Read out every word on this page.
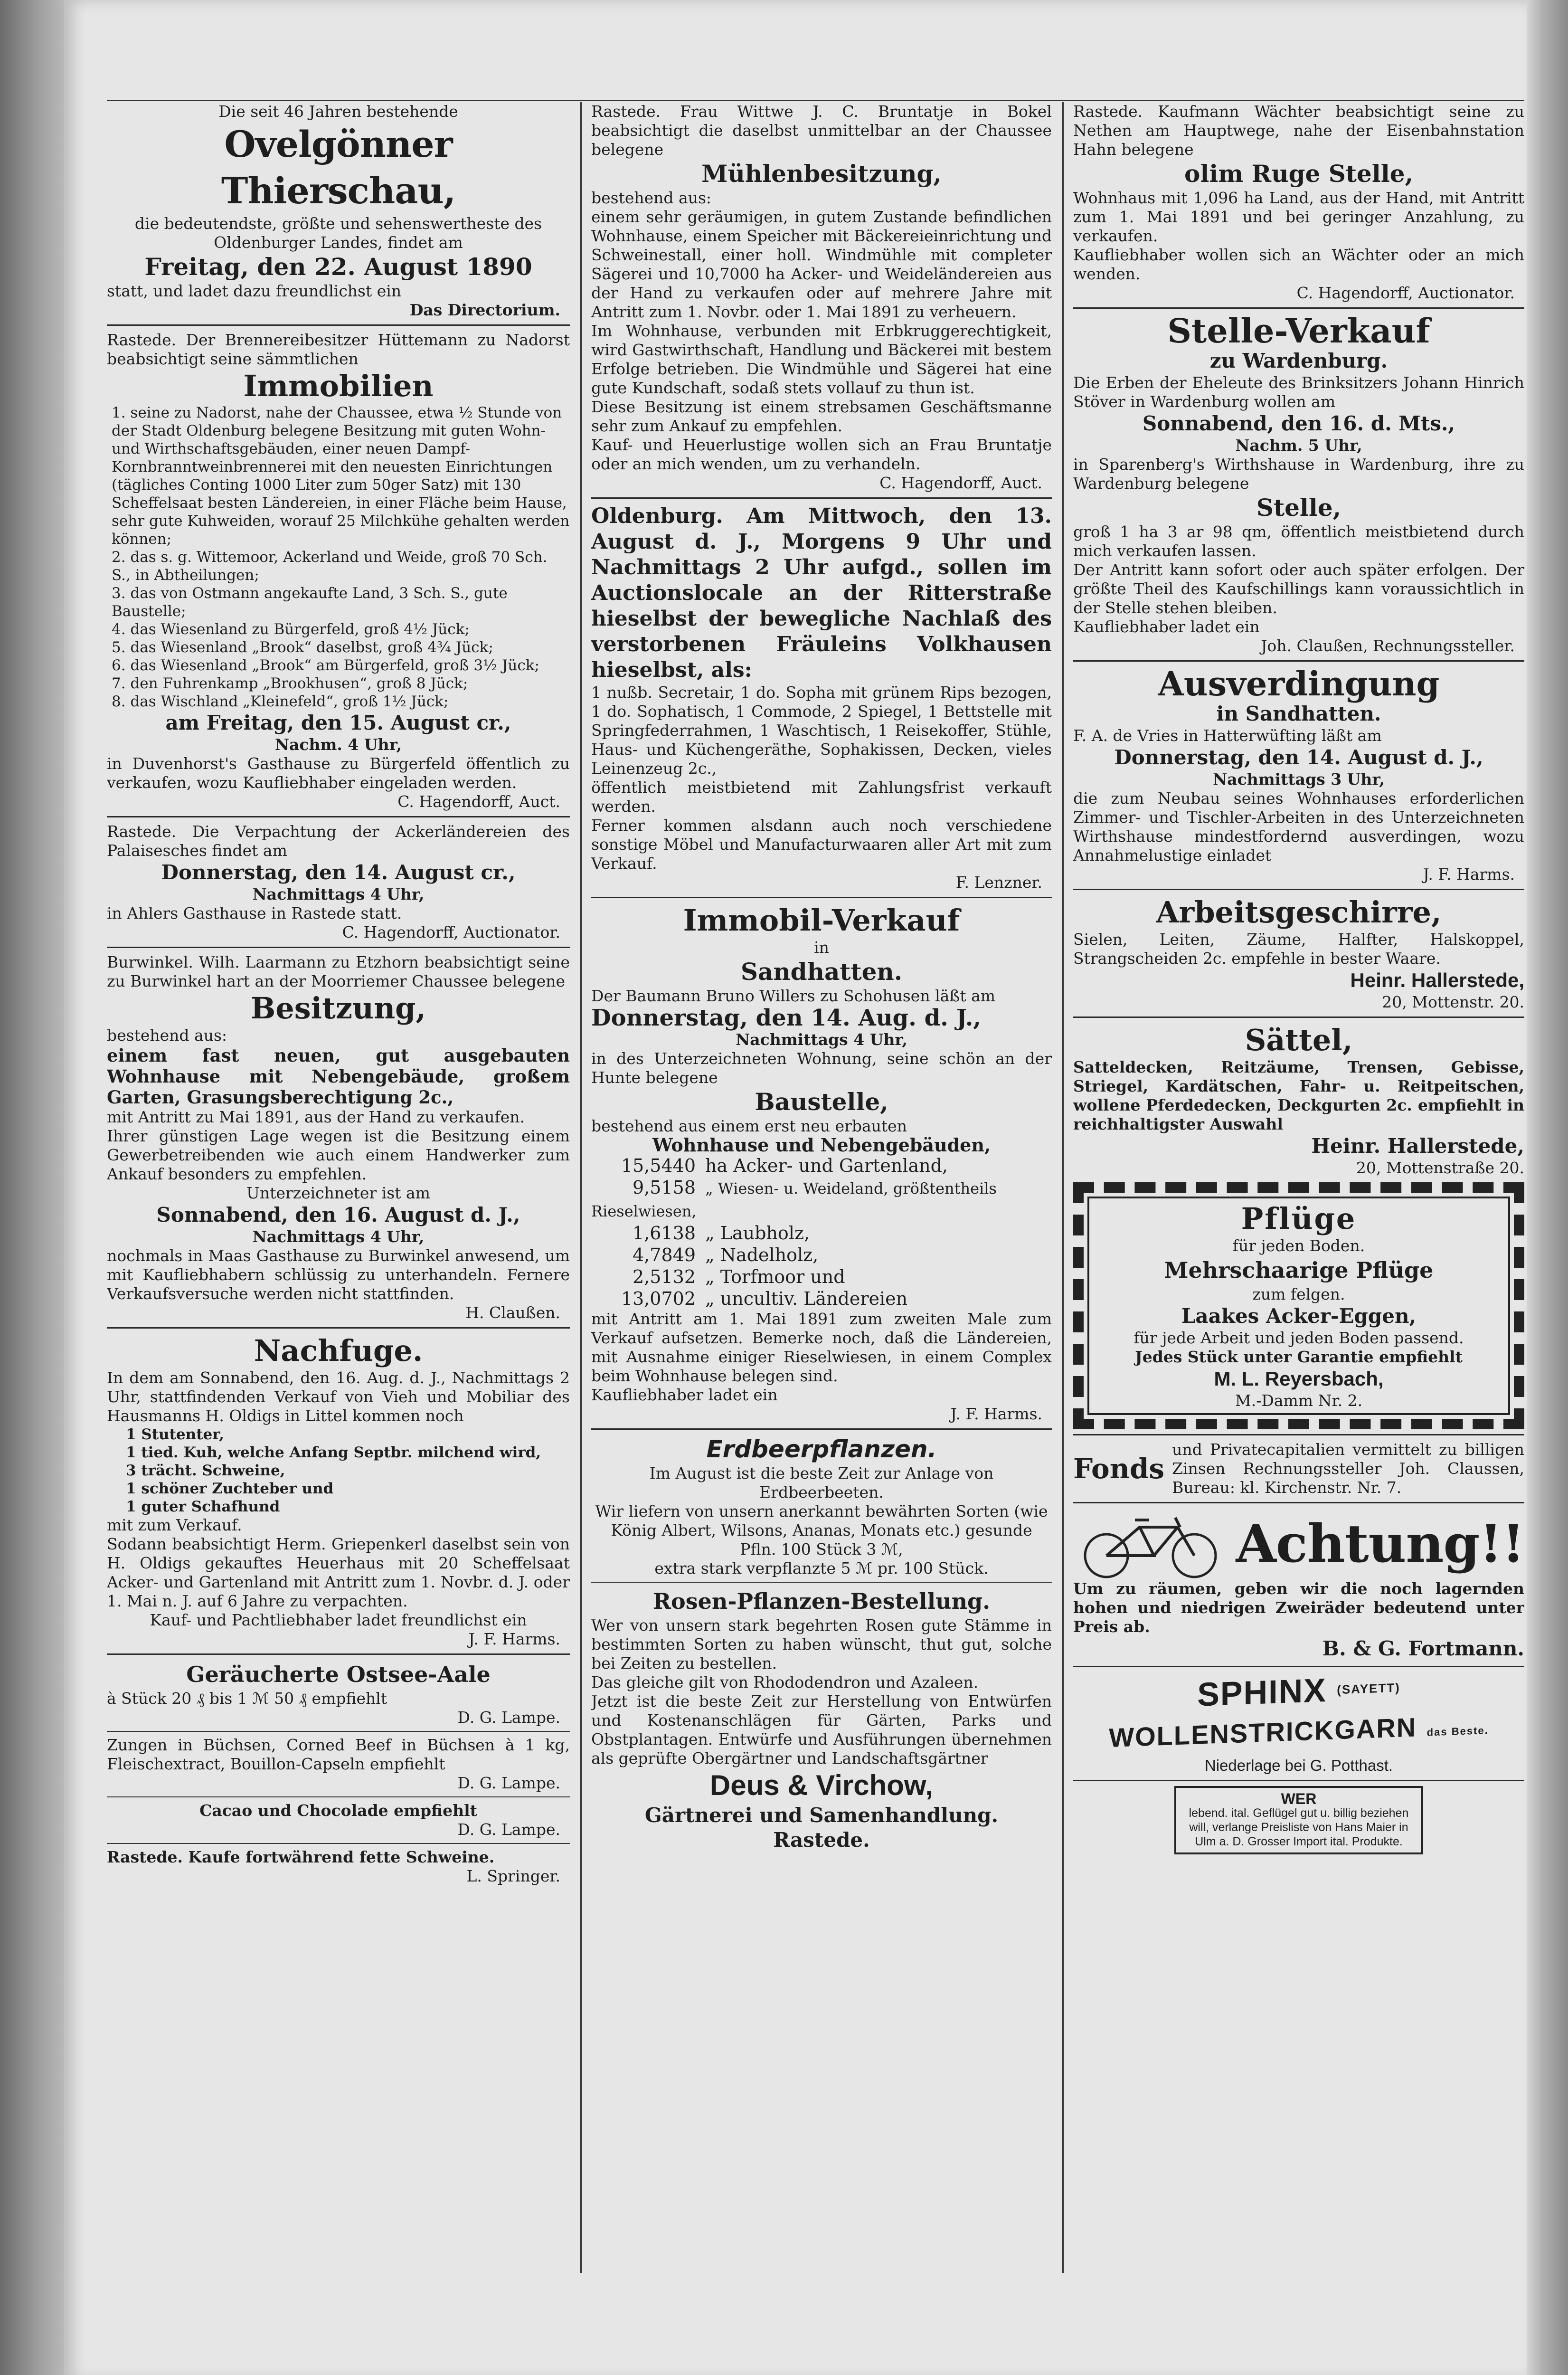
Die seit 46 Jahren bestehende

Ovelgönner Thierschau,

die bedeutendste, größte und sehenswertheste des Oldenburger Landes, findet am

Freitag, den 22. August 1890

statt, und ladet dazu freundlichst ein

Das Directorium.

Rastede. Der Brennereibesitzer Hüttemann zu Nadorst beabsichtigt seine sämmtlichen

Immobilien

1. seine zu Nadorst, nahe der Chaussee, etwa ½ Stunde von der Stadt Oldenburg belegene Besitzung mit guten Wohn- und Wirthschaftsgebäuden, einer neuen Dampf-Kornbranntweinbrennerei mit den neuesten Einrichtungen (tägliches Conting 1000 Liter zum 50ger Satz) mit 130 Scheffelsaat besten Ländereien, in einer Fläche beim Hause, sehr gute Kuhweiden, worauf 25 Milchkühe gehalten werden können;

2. das s. g. Wittemoor, Ackerland und Weide, groß 70 Sch. S., in Abtheilungen;

3. das von Ostmann angekaufte Land, 3 Sch. S., gute Baustelle;

4. das Wiesenland zu Bürgerfeld, groß 4½ Jück;

5. das Wiesenland „Brook“ daselbst, groß 4¾ Jück;

6. das Wiesenland „Brook“ am Bürgerfeld, groß 3½ Jück;

7. den Fuhrenkamp „Brookhusen“, groß 8 Jück;

8. das Wischland „Kleinefeld“, groß 1½ Jück;

am Freitag, den 15. August cr.,

Nachm. 4 Uhr,

in Duvenhorst's Gasthause zu Bürgerfeld öffentlich zu verkaufen, wozu Kaufliebhaber eingeladen werden.

C. Hagendorff, Auct.

Rastede. Die Verpachtung der Ackerländereien des Palaisesches findet am

Donnerstag, den 14. August cr.,

Nachmittags 4 Uhr,

in Ahlers Gasthause in Rastede statt.

C. Hagendorff, Auctionator.

Burwinkel. Wilh. Laarmann zu Etzhorn beabsichtigt seine zu Burwinkel hart an der Moorriemer Chaussee belegene

Besitzung,

bestehend aus:

einem fast neuen, gut ausgebauten Wohnhause mit Nebengebäude, großem Garten, Grasungsberechtigung 2c.,

mit Antritt zu Mai 1891, aus der Hand zu verkaufen.

Ihrer günstigen Lage wegen ist die Besitzung einem Gewerbetreibenden wie auch einem Handwerker zum Ankauf besonders zu empfehlen.

Unterzeichneter ist am

Sonnabend, den 16. August d. J.,

Nachmittags 4 Uhr,

nochmals in Maas Gasthause zu Burwinkel anwesend, um mit Kaufliebhabern schlüssig zu unterhandeln. Fernere Verkaufsversuche werden nicht stattfinden.

H. Claußen.

Nachfuge.

In dem am Sonnabend, den 16. Aug. d. J., Nachmittags 2 Uhr, stattfindenden Verkauf von Vieh und Mobiliar des Hausmanns H. Oldigs in Littel kommen noch

1 Stutenter,

1 tied. Kuh, welche Anfang Septbr. milchend wird,

3 trächt. Schweine,

1 schöner Zuchteber und

1 guter Schafhund

mit zum Verkauf.

Sodann beabsichtigt Herm. Griepenkerl daselbst sein von H. Oldigs gekauftes Heuerhaus mit 20 Scheffelsaat Acker- und Gartenland mit Antritt zum 1. Novbr. d. J. oder 1. Mai n. J. auf 6 Jahre zu verpachten.

Kauf- und Pachtliebhaber ladet freundlichst ein

J. F. Harms.

Geräucherte Ostsee-Aale

à Stück 20 ₰ bis 1 ℳ 50 ₰ empfiehlt

D. G. Lampe.

Zungen in Büchsen, Corned Beef in Büchsen à 1 kg, Fleischextract, Bouillon-Capseln empfiehlt

D. G. Lampe.

Cacao und Chocolade empfiehlt

D. G. Lampe.

Rastede. Kaufe fortwährend fette Schweine.

L. Springer.

Rastede. Frau Wittwe J. C. Bruntatje in Bokel beabsichtigt die daselbst unmittelbar an der Chaussee belegene

Mühlenbesitzung,

bestehend aus:

einem sehr geräumigen, in gutem Zustande befindlichen Wohnhause, einem Speicher mit Bäckereieinrichtung und Schweinestall, einer holl. Windmühle mit completer Sägerei und 10,7000 ha Acker- und Weideländereien aus der Hand zu verkaufen oder auf mehrere Jahre mit Antritt zum 1. Novbr. oder 1. Mai 1891 zu verheuern.

Im Wohnhause, verbunden mit Erbkruggerechtigkeit, wird Gastwirthschaft, Handlung und Bäckerei mit bestem Erfolge betrieben. Die Windmühle und Sägerei hat eine gute Kundschaft, sodaß stets vollauf zu thun ist.

Diese Besitzung ist einem strebsamen Geschäftsmanne sehr zum Ankauf zu empfehlen.

Kauf- und Heuerlustige wollen sich an Frau Bruntatje oder an mich wenden, um zu verhandeln.

C. Hagendorff, Auct.

Oldenburg. Am Mittwoch, den 13. August d. J., Morgens 9 Uhr und Nachmittags 2 Uhr aufgd., sollen im Auctionslocale an der Ritterstraße hieselbst der bewegliche Nachlaß des verstorbenen Fräuleins Volkhausen hieselbst, als:

1 nußb. Secretair, 1 do. Sopha mit grünem Rips bezogen, 1 do. Sophatisch, 1 Commode, 2 Spiegel, 1 Bettstelle mit Springfederrahmen, 1 Waschtisch, 1 Reisekoffer, Stühle, Haus- und Küchengeräthe, Sophakissen, Decken, vieles Leinenzeug 2c.,

öffentlich meistbietend mit Zahlungsfrist verkauft werden.

Ferner kommen alsdann auch noch verschiedene sonstige Möbel und Manufacturwaaren aller Art mit zum Verkauf.

F. Lenzner.

Immobil-Verkauf

in

Sandhatten.

Der Baumann Bruno Willers zu Schohusen läßt am

Donnerstag, den 14. Aug. d. J.,

Nachmittags 4 Uhr,

in des Unterzeichneten Wohnung, seine schön an der Hunte belegene

Baustelle,

bestehend aus einem erst neu erbauten

Wohnhause und Nebengebäuden,

15,5440 ha Acker- und Gartenland,
9,5158 „ Wiesen- u. Weideland, größtentheils Rieselwiesen,
1,6138 „ Laubholz,
4,7849 „ Nadelholz,
2,5132 „ Torfmoor und
13,0702 „ uncultiv. Ländereien

mit Antritt am 1. Mai 1891 zum zweiten Male zum Verkauf aufsetzen. Bemerke noch, daß die Ländereien, mit Ausnahme einiger Rieselwiesen, in einem Complex beim Wohnhause belegen sind.

Kaufliebhaber ladet ein

J. F. Harms.

Erdbeerpflanzen.

Im August ist die beste Zeit zur Anlage von Erdbeerbeeten.

Wir liefern von unsern anerkannt bewährten Sorten (wie König Albert, Wilsons, Ananas, Monats etc.) gesunde Pfln. 100 Stück 3 ℳ,

extra stark verpflanzte 5 ℳ pr. 100 Stück.

Rosen-Pflanzen-Bestellung.

Wer von unsern stark begehrten Rosen gute Stämme in bestimmten Sorten zu haben wünscht, thut gut, solche bei Zeiten zu bestellen.

Das gleiche gilt von Rhododendron und Azaleen.

Jetzt ist die beste Zeit zur Herstellung von Entwürfen und Kostenanschlägen für Gärten, Parks und Obstplantagen. Entwürfe und Ausführungen übernehmen als geprüfte Obergärtner und Landschaftsgärtner

Deus & Virchow,

Gärtnerei und Samenhandlung.

Rastede.

Rastede. Kaufmann Wächter beabsichtigt seine zu Nethen am Hauptwege, nahe der Eisenbahnstation Hahn belegene

olim Ruge Stelle,

Wohnhaus mit 1,096 ha Land, aus der Hand, mit Antritt zum 1. Mai 1891 und bei geringer Anzahlung, zu verkaufen.

Kaufliebhaber wollen sich an Wächter oder an mich wenden.

C. Hagendorff, Auctionator.

Stelle-Verkauf

zu Wardenburg.

Die Erben der Eheleute des Brinksitzers Johann Hinrich Stöver in Wardenburg wollen am

Sonnabend, den 16. d. Mts.,

Nachm. 5 Uhr,

in Sparenberg's Wirthshause in Wardenburg, ihre zu Wardenburg belegene

Stelle,

groß 1 ha 3 ar 98 qm, öffentlich meistbietend durch mich verkaufen lassen.

Der Antritt kann sofort oder auch später erfolgen. Der größte Theil des Kaufschillings kann voraussichtlich in der Stelle stehen bleiben.

Kaufliebhaber ladet ein

Joh. Claußen, Rechnungssteller.

Ausverdingung

in Sandhatten.

F. A. de Vries in Hatterwüfting läßt am

Donnerstag, den 14. August d. J.,

Nachmittags 3 Uhr,

die zum Neubau seines Wohnhauses erforderlichen Zimmer- und Tischler-Arbeiten in des Unterzeichneten Wirthshause mindestfordernd ausverdingen, wozu Annahmelustige einladet

J. F. Harms.

Arbeitsgeschirre,

Sielen, Leiten, Zäume, Halfter, Halskoppel, Strangscheiden 2c. empfehle in bester Waare.

Heinr. Hallerstede,

20, Mottenstr. 20.

Sättel,

Satteldecken, Reitzäume, Trensen, Gebisse, Striegel, Kardätschen, Fahr- u. Reitpeitschen, wollene Pferdedecken, Deckgurten 2c. empfiehlt in reichhaltigster Auswahl

Heinr. Hallerstede,

20, Mottenstraße 20.

Pflüge

für jeden Boden.

Mehrschaarige Pflüge

zum felgen.

Laakes Acker-Eggen,

für jede Arbeit und jeden Boden passend.

Jedes Stück unter Garantie empfiehlt

M. L. Reyersbach,

M.-Damm Nr. 2.

Fonds
und Privatecapitalien vermittelt zu billigen Zinsen Rechnungssteller Joh. Claussen, Bureau: kl. Kirchenstr. Nr. 7.
Achtung!!

Um zu räumen, geben wir die noch lagernden hohen und niedrigen Zweiräder bedeutend unter Preis ab.

B. & G. Fortmann.

SPHINX $^{(SAYETT)}$
WOLLENSTRICKGARN das Beste.

Niederlage bei G. Potthast.

WER

lebend. ital. Geflügel gut u. billig beziehen will, verlange Preisliste von Hans Maier in Ulm a. D. Grosser Import ital. Produkte.
